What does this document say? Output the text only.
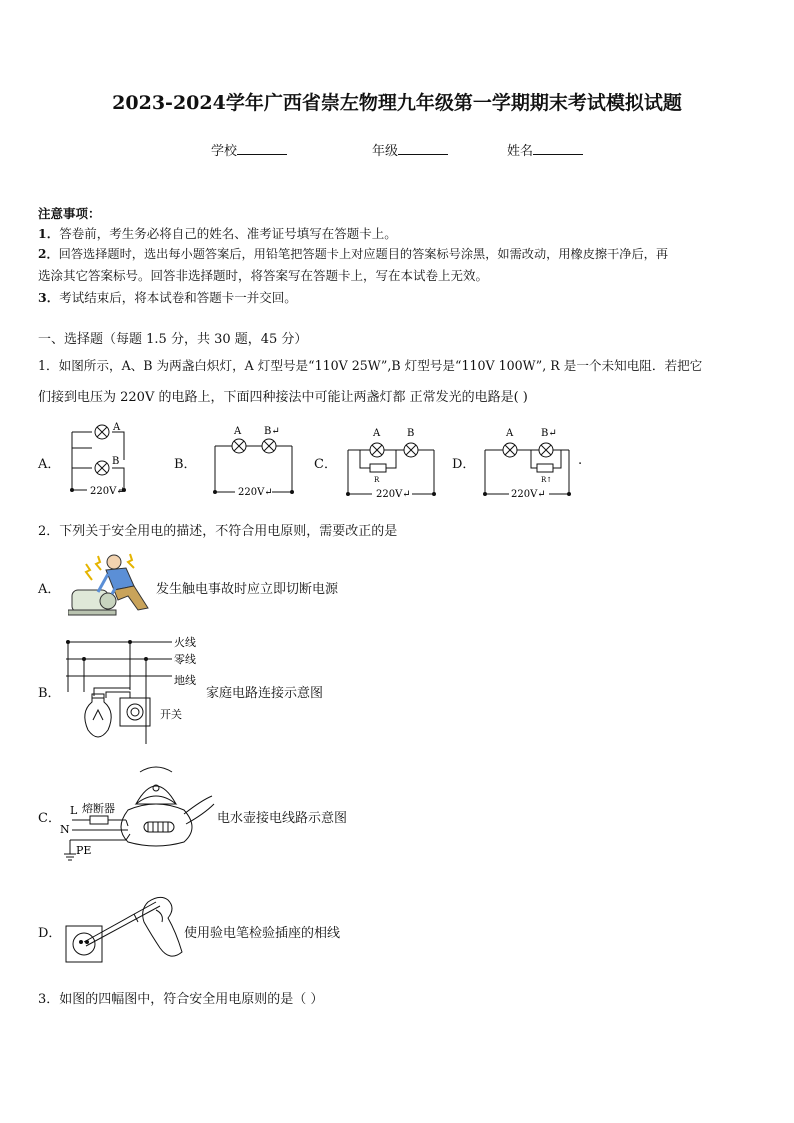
2023-2024学年广西省崇左物理九年级第一学期期末考试模拟试题
学校	年级	姓名
注意事项：
1．答卷前，考生务必将自己的姓名、准考证号填写在答题卡上。
2．回答选择题时，选出每小题答案后，用铅笔把答题卡上对应题目的答案标号涂黑，如需改动，用橡皮擦干净后，再
选涂其它答案标号。回答非选择题时，将答案写在答题卡上，写在本试卷上无效。
3．考试结束后，将本试卷和答题卡一并交回。
一、选择题（每题 1.5 分，共 30 题，45 分）
1．如图所示，A、B 为两盏白炽灯，A 灯型号是“110V 25W”,B 灯型号是“110V 100W”, R 是一个未知电阻．若把它
们接到电压为 220V 的电路上，下面四种接法中可能让两盏灯都 正常发光的电路是( )
A．	B．	C．	D．	.
A
B
220V↵
A B↵
220V↵
A	B
R
220V↵
A	B↵
R↑
220V↵
2．下列关于安全用电的描述，不符合用电原则，需要改正的是
A．	发生触电事故时应立即切断电源
B．
火线
零线
地线
开关
家庭电路连接示意图
C．
L 熔断器
N
PE
电水壶接电线路示意图
D．	使用验电笔检验插座的相线
3．如图的四幅图中，符合安全用电原则的是（ ）
